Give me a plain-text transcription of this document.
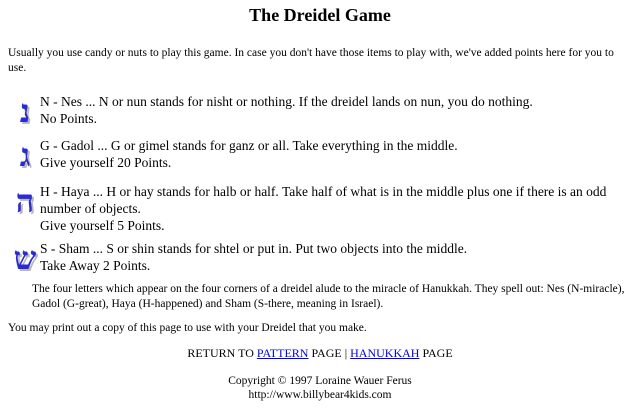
The Dreidel Game
Usually you use candy or nuts to play this game. In case you don't have those items to play with, we've added points here for you to use.
נ N - Nes ... N or nun stands for nisht or nothing. If the dreidel lands on nun, you do nothing.
No Points.
ג G - Gadol ... G or gimel stands for ganz or all. Take everything in the middle.
Give yourself 20 Points.
ה H - Haya ... H or hay stands for halb or half. Take half of what is in the middle plus one if there is an odd number of objects.
Give yourself 5 Points.
ש S - Sham ... S or shin stands for shtel or put in. Put two objects into the middle.
Take Away 2 Points.
The four letters which appear on the four corners of a dreidel alude to the miracle of Hanukkah. They spell out: Nes (N-miracle), Gadol (G-great), Haya (H-happened) and Sham (S-there, meaning in Israel).
You may print out a copy of this page to use with your Dreidel that you make.
RETURN TO PATTERN PAGE | HANUKKAH PAGE
Copyright © 1997 Loraine Wauer Ferus
http://www.billybear4kids.com
